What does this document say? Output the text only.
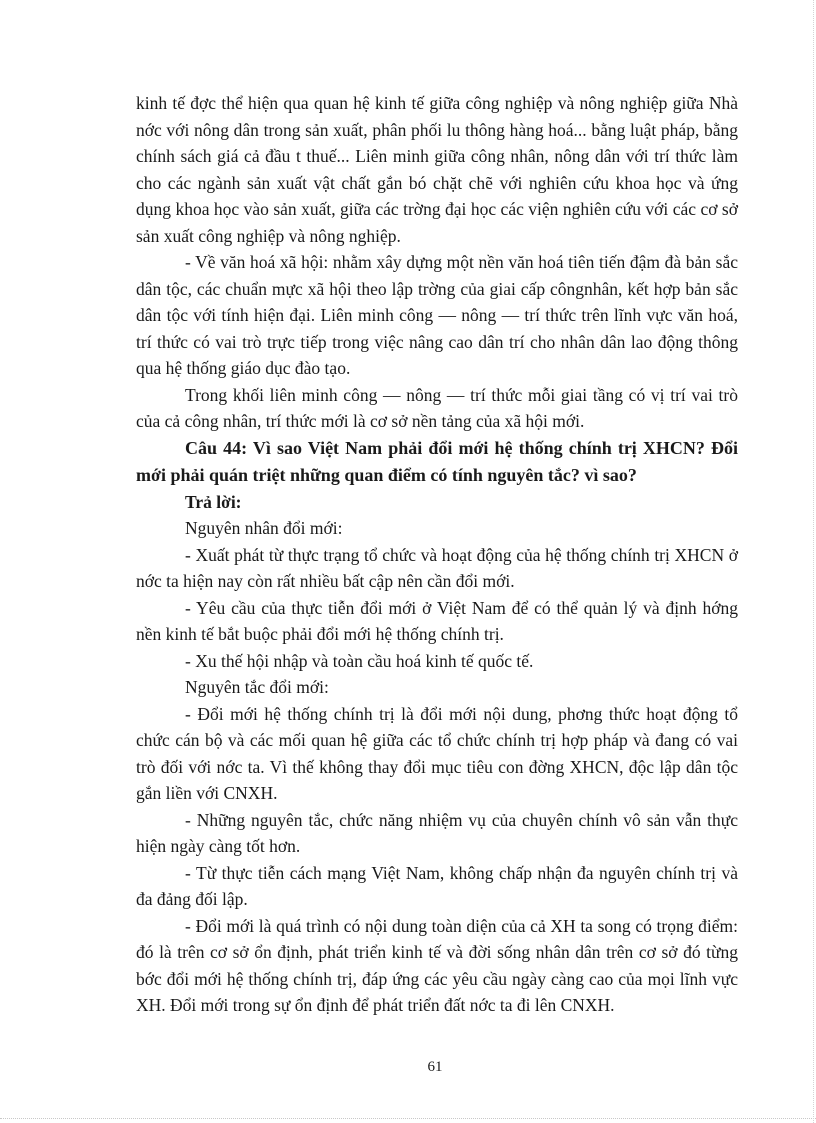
kinh tế đợc thể hiện qua quan hệ kinh tế giữa công nghiệp và nông nghiệp giữa Nhà nớc với nông dân trong sản xuất, phân phối lu thông hàng hoá... bằng luật pháp, bằng chính sách giá cả đầu t thuế... Liên minh giữa công nhân, nông dân với trí thức làm cho các ngành sản xuất vật chất gắn bó chặt chẽ với nghiên cứu khoa học và ứng dụng khoa học vào sản xuất, giữa các trờng đại học các viện nghiên cứu với các cơ sở sản xuất công nghiệp và nông nghiệp.

- Về văn hoá xã hội: nhằm xây dựng một nền văn hoá tiên tiến đậm đà bản sắc dân tộc, các chuẩn mực xã hội theo lập trờng của giai cấp côngnhân, kết hợp bản sắc dân tộc với tính hiện đại. Liên minh công — nông — trí thức trên lĩnh vực văn hoá, trí thức có vai trò trực tiếp trong việc nâng cao dân trí cho nhân dân lao động thông qua hệ thống giáo dục đào tạo.

Trong khối liên minh công — nông — trí thức mỗi giai tầng có vị trí vai trò của cả công nhân, trí thức mới là cơ sở nền tảng của xã hội mới.

Câu 44: Vì sao Việt Nam phải đổi mới hệ thống chính trị XHCN? Đổi mới phải quán triệt những quan điểm có tính nguyên tắc? vì sao?

Trả lời:

Nguyên nhân đổi mới:

- Xuất phát từ thực trạng tổ chức và hoạt động của hệ thống chính trị XHCN ở nớc ta hiện nay còn rất nhiều bất cập nên cần đổi mới.

- Yêu cầu của thực tiễn đổi mới ở Việt Nam để có thể quản lý và định hớng nền kinh tế bắt buộc phải đổi mới hệ thống chính trị.

- Xu thế hội nhập và toàn cầu hoá kinh tế quốc tế.

Nguyên tắc đổi mới:

- Đổi mới hệ thống chính trị là đổi mới nội dung, phơng thức hoạt động tổ chức cán bộ và các mối quan hệ giữa các tổ chức chính trị hợp pháp và đang có vai trò đối với nớc ta. Vì thế không thay đổi mục tiêu con đờng XHCN, độc lập dân tộc gắn liền với CNXH.

- Những nguyên tắc, chức năng nhiệm vụ của chuyên chính vô sản vẫn thực hiện ngày càng tốt hơn.

- Từ thực tiễn cách mạng Việt Nam, không chấp nhận đa nguyên chính trị và đa đảng đối lập.

- Đổi mới là quá trình có nội dung toàn diện của cả XH ta song có trọng điểm: đó là trên cơ sở ổn định, phát triển kinh tế và đời sống nhân dân trên cơ sở đó từng bớc đổi mới hệ thống chính trị, đáp ứng các yêu cầu ngày càng cao của mọi lĩnh vực XH. Đổi mới trong sự ổn định để phát triển đất nớc ta đi lên CNXH.

61
